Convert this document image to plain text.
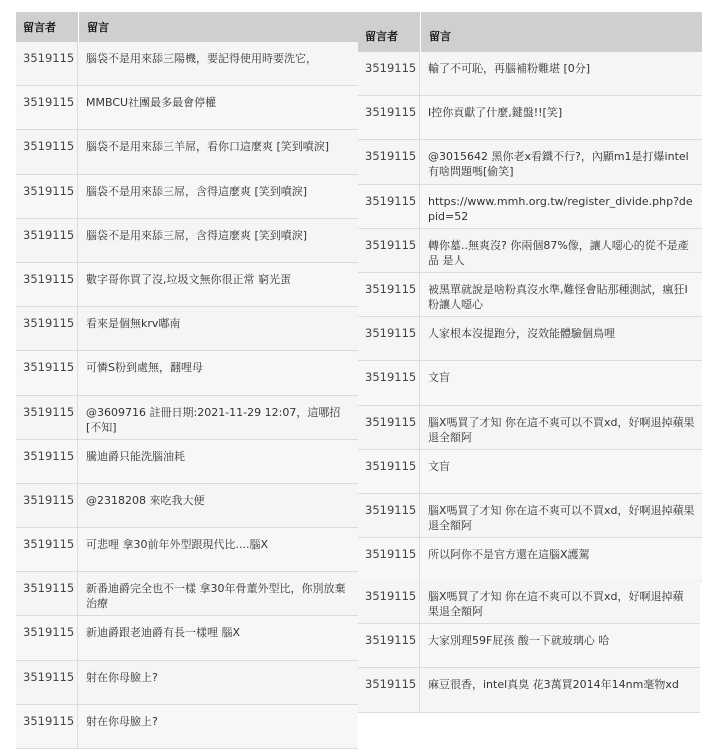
留言者	留言
3519115	腦袋不是用來舔三陽機，要記得使用時要洗它，
3519115	MMBCU社團最多最會停權
3519115	腦袋不是用來舔三羊屌，看你口這麼爽 [笑到噴淚]
3519115	腦袋不是用來舔三屌，含得這麼爽 [笑到噴淚]
3519115	腦袋不是用來舔三屌，含得這麼爽 [笑到噴淚]
3519115	數字哥你買了沒,垃圾文無你很正常 窮光蛋
3519115	看來是個無krv嘟南
3519115	可憐S粉到處無，翻哩母
3519115	@3609716 註冊日期:2021-11-29 12:07，這哪招[不知]
3519115	騰迪爵只能洗腦油耗
3519115	@2318208 來吃我大便
3519115	可悲哩 拿30前年外型跟現代比....腦X
3519115	新番迪爵完全也不一樣 拿30年骨董外型比，你別放棄治療
3519115	新迪爵跟老迪爵有長一樣哩 腦X
3519115	射在你母臉上?
3519115	射在你母臉上?
留言者	留言
3519115	輸了不可恥，再腦補粉難堪 [0分]
3519115	I控你貢獻了什麼,鍵盤!![笑]
3519115	@3015642 黑你老x看鐵不行?，內顯m1是打爆intel有啥問題嗎[偷笑]
3519115	https://www.mmh.org.tw/register_divide.php?depid=52
3519115	轉你墓..無爽沒? 你兩個87%像，讓人噁心的從不是產品 是人
3519115	被黑單就說是啥粉真沒水準,難怪會貼那種測試，瘋狂I粉讓人噁心
3519115	人家根本沒提跑分，沒效能體驗個鳥哩
3519115	文盲
3519115	腦X嗎買了才知 你在這不爽可以不買xd，好啊退掉蘋果退全額阿
3519115	文盲
3519115	腦X嗎買了才知 你在這不爽可以不買xd，好啊退掉蘋果退全額阿
3519115	所以阿你不是官方還在這腦X護駕
3519115	腦X嗎買了才知 你在這不爽可以不買xd，好啊退掉蘋果退全額阿
3519115	大家別理59F屁孩 酸一下就玻璃心 哈
3519115	麻豆很香，intel真臭 花3萬買2014年14nm毫物xd
